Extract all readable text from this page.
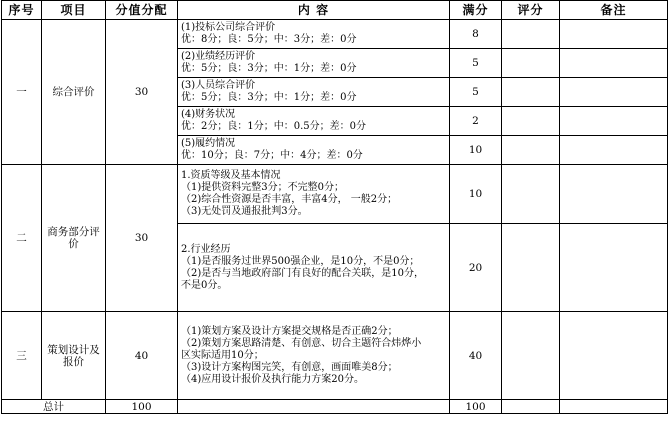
序号	项目	分值分配	内 容	满分	评分	备注
一	综合评价	30	(1)投标公司综合评价
优：8分；良：5分；中：3分；差：0分	8		
			(2)业绩经历评价
优：5分；良：3分；中：1分；差：0分	5		
			(3)人员综合评价
优：5分；良：3分；中：1分；差：0分	5		
			(4)财务状况
优：2分；良：1分；中：0.5分；差：0分	2		
			(5)履约情况
优：10分；良：7分；中：4分；差：0分	10		
二	商务部分评价	30	1.资质等级及基本情况
（1)提供资料完整3分；不完整0分；
（2)综合性资源是否丰富，丰富4分， 一般2分；
（3)无处罚及通报批判3分。	10		
			2.行业经历
（1)是否服务过世界500强企业，是10分，不是0分；
（2)是否与当地政府部门有良好的配合关联，是10分，
不是0分。	20		
三	策划设计及报价	40	（1)策划方案及设计方案提交规格是否正确2分；
（2)策划方案思路清楚、有创意、切合主题符合炜烨小
区实际适用10分；
（3)设计方案构图完笑，有创意，画面唯美8分；
（4)应用设计报价及执行能力方案20分。	40		
总计		100		100		
